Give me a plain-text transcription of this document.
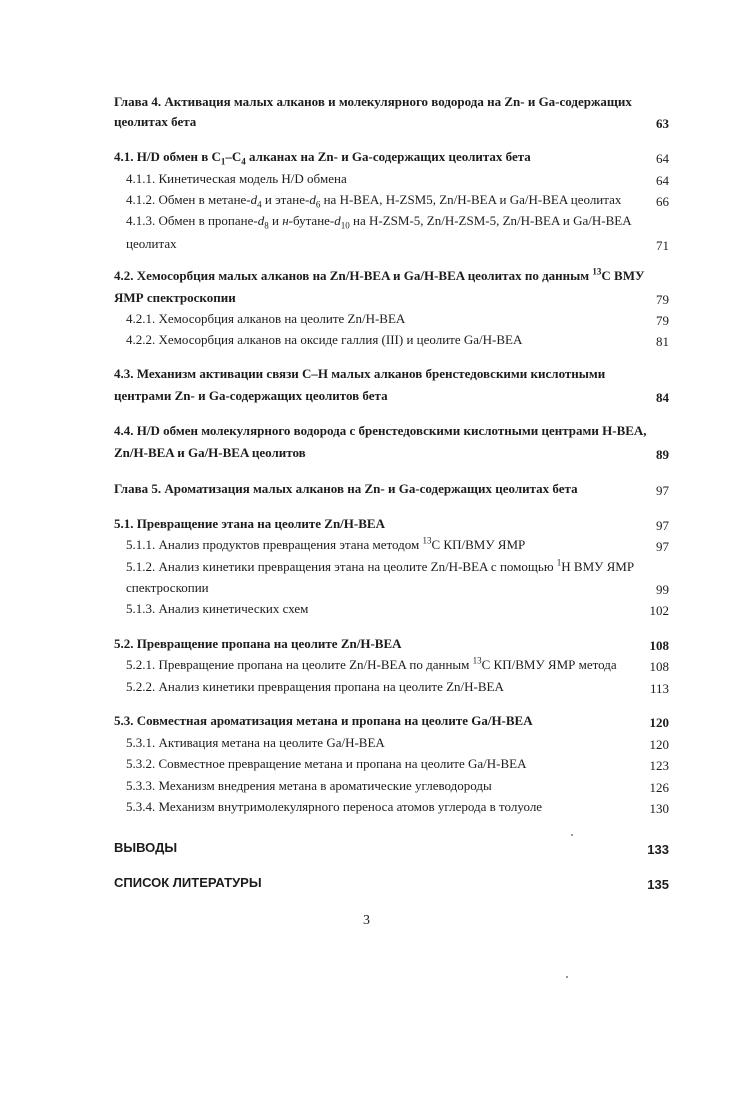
Глава 4. Активация малых алканов и молекулярного водорода на Zn- и Ga-содержащих
цеолитах бета	63
4.1. H/D обмен в $C_1-C_4$ алканах на Zn- и Ga-содержащих цеолитах бета	64
4.1.1. Кинетическая модель H/D обмена	64
4.1.2. Обмен в метане-$d_4$ и этане-$d_6$ на H-BEA, H-ZSM5, Zn/H-BEA и Ga/H-BEA цеолитах	66
4.1.3. Обмен в пропане-$d_8$ и $н-бутане-d_{10}$ на H-ZSM-5, Zn/H-ZSM-5, Zn/H-BEA и Ga/H-BEA
цеолитах	71
4.2. Хемосорбция малых алканов на Zn/H-BEA и Ga/H-BEA цеолитах по данным $^{13}$C ВМУ
ЯМР спектроскопии	79
4.2.1. Хемосорбция алканов на цеолите Zn/H-BEA	79
4.2.2. Хемосорбция алканов на оксиде галлия (III) и цеолите Ga/H-BEA	81
4.3. Механизм активации связи C–H малых алканов бренстедовскими кислотными
центрами Zn- и Ga-содержащих цеолитов бета	84
4.4. H/D обмен молекулярного водорода с бренстедовскими кислотными центрами H-BEA,
Zn/H-BEA и Ga/H-BEA цеолитов	89
Глава 5. Ароматизация малых алканов на Zn- и Ga-содержащих цеолитах бета	97
5.1. Превращение этана на цеолите Zn/H-BEA	97
5.1.1. Анализ продуктов превращения этана методом $^{13}$C КП/ВМУ ЯМР	97
5.1.2. Анализ кинетики превращения этана на цеолите Zn/H-BEA с помощью $^1$H ВМУ ЯМР
спектроскопии	99
5.1.3. Анализ кинетических схем	102
5.2. Превращение пропана на цеолите Zn/H-BEA	108
5.2.1. Превращение пропана на цеолите Zn/H-BEA по данным $^{13}$C КП/ВМУ ЯМР метода	108
5.2.2. Анализ кинетики превращения пропана на цеолите Zn/H-BEA	113
5.3. Совместная ароматизация метана и пропана на цеолите Ga/H-BEA	120
5.3.1. Активация метана на цеолите Ga/H-BEA	120
5.3.2. Совместное превращение метана и пропана на цеолите Ga/H-BEA	123
5.3.3. Механизм внедрения метана в ароматические углеводороды	126
5.3.4. Механизм внутримолекулярного переноса атомов углерода в толуоле	130
ВЫВОДЫ	133
СПИСОК ЛИТЕРАТУРЫ	135
3
